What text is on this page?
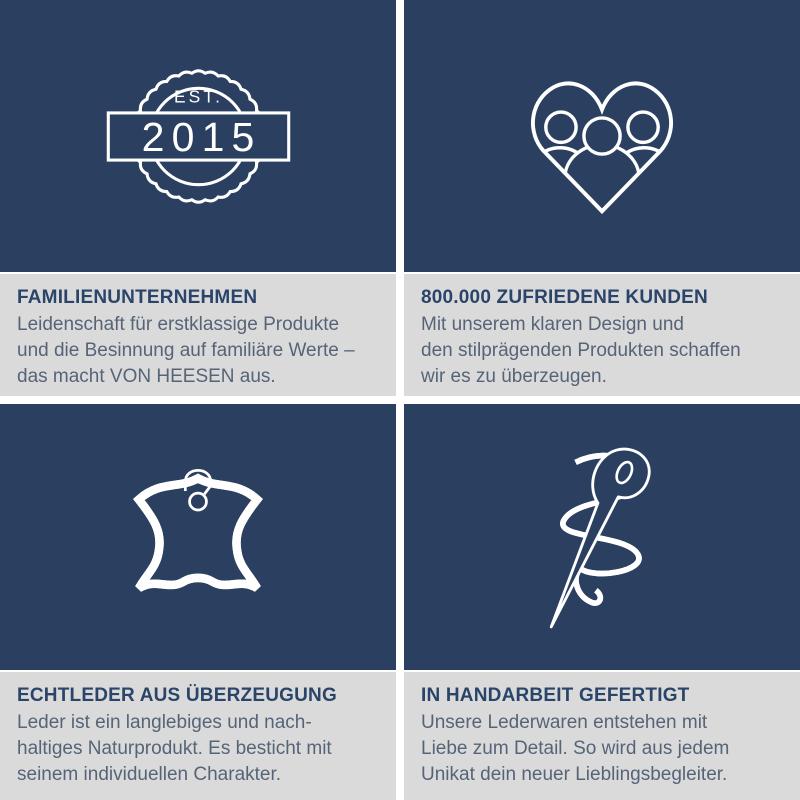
EST.
2015
FAMILIENUNTERNEHMEN
Leidenschaft für erstklassige Produkte
und die Besinnung auf familiäre Werte –
das macht VON HEESEN aus.
800.000 ZUFRIEDENE KUNDEN
Mit unserem klaren Design und
den stilprägenden Produkten schaffen
wir es zu überzeugen.
ECHTLEDER AUS ÜBERZEUGUNG
Leder ist ein langlebiges und nach-
haltiges Naturprodukt. Es besticht mit
seinem individuellen Charakter.
IN HANDARBEIT GEFERTIGT
Unsere Lederwaren entstehen mit
Liebe zum Detail. So wird aus jedem
Unikat dein neuer Lieblingsbegleiter.
